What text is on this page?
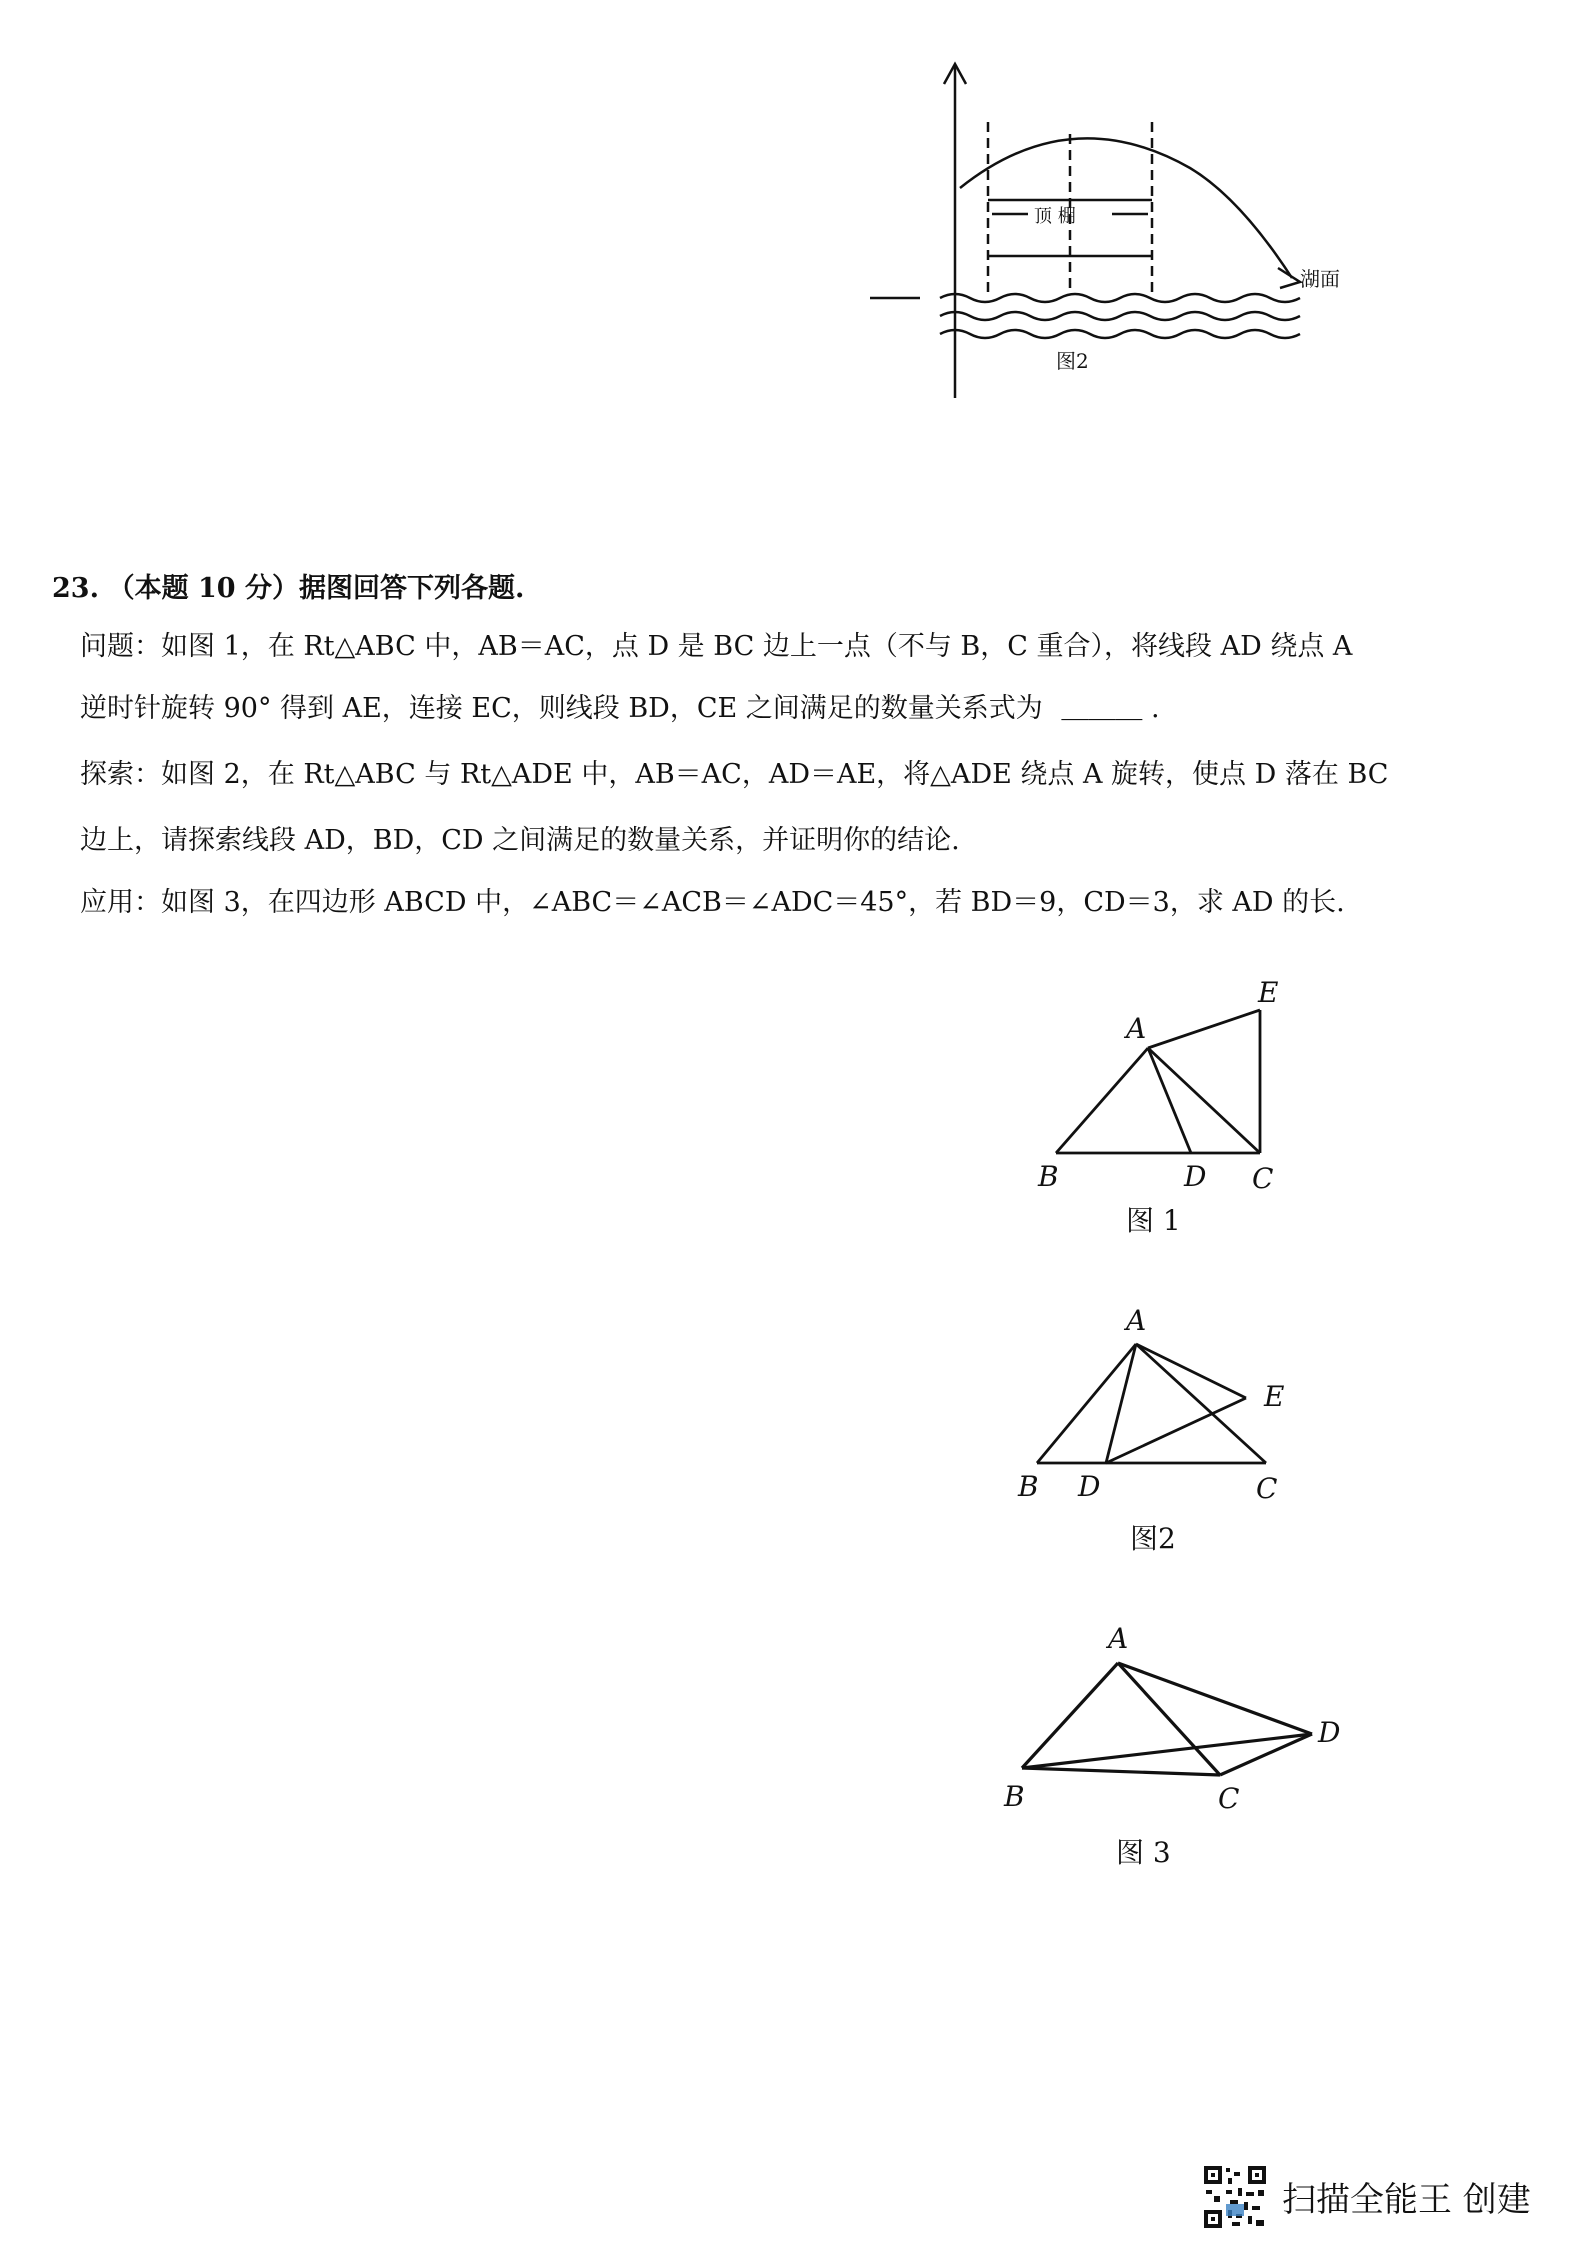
顶 棚
湖面
图2
23. （本题 10 分）据图回答下列各题.
问题：如图 1，在 Rt△ABC 中，AB＝AC，点 D 是 BC 边上一点（不与 B，C 重合），将线段 AD 绕点 A
逆时针旋转 90° 得到 AE，连接 EC，则线段 BD，CE 之间满足的数量关系式为 ＿＿＿ .
探索：如图 2，在 Rt△ABC 与 Rt△ADE 中，AB＝AC，AD＝AE，将△ADE 绕点 A 旋转，使点 D 落在 BC
边上，请探索线段 AD，BD，CD 之间满足的数量关系，并证明你的结论.
应用：如图 3，在四边形 ABCD 中，∠ABC＝∠ACB＝∠ADC＝45°，若 BD＝9，CD＝3，求 AD 的长.
A
E
B	D C
图 1
A
E
B D	C
图2
A
D
B	C
图 3
扫描全能王 创建
